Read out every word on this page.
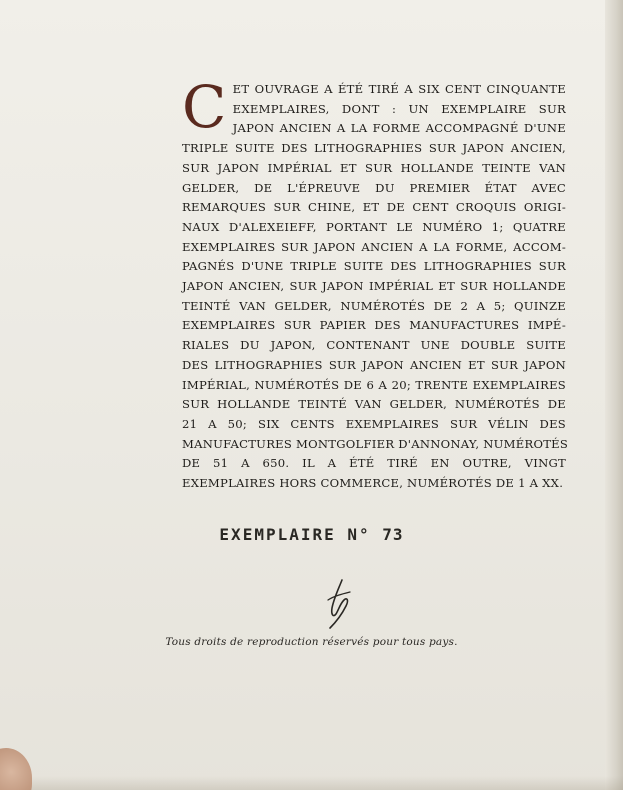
C ET OUVRAGE A ÉTÉ TIRÉ A SIX CENT CINQUANTE
EXEMPLAIRES, DONT : UN EXEMPLAIRE SUR
JAPON ANCIEN A LA FORME ACCOMPAGNÉ D'UNE
TRIPLE SUITE DES LITHOGRAPHIES SUR JAPON ANCIEN,
SUR JAPON IMPÉRIAL ET SUR HOLLANDE TEINTE VAN
GELDER, DE L'ÉPREUVE DU PREMIER ÉTAT AVEC
REMARQUES SUR CHINE, ET DE CENT CROQUIS ORIGI-
NAUX D'ALEXEIEFF, PORTANT LE NUMÉRO 1; QUATRE
EXEMPLAIRES SUR JAPON ANCIEN A LA FORME, ACCOM-
PAGNÉS D'UNE TRIPLE SUITE DES LITHOGRAPHIES SUR
JAPON ANCIEN, SUR JAPON IMPÉRIAL ET SUR HOLLANDE
TEINTÉ VAN GELDER, NUMÉROTÉS DE 2 A 5; QUINZE
EXEMPLAIRES SUR PAPIER DES MANUFACTURES IMPÉ-
RIALES DU JAPON, CONTENANT UNE DOUBLE SUITE
DES LITHOGRAPHIES SUR JAPON ANCIEN ET SUR JAPON
IMPÉRIAL, NUMÉROTÉS DE 6 A 20; TRENTE EXEMPLAIRES
SUR HOLLANDE TEINTÉ VAN GELDER, NUMÉROTÉS DE
21 A 50; SIX CENTS EXEMPLAIRES SUR VÉLIN DES
MANUFACTURES MONTGOLFIER D'ANNONAY, NUMÉROTÉS
DE 51 A 650. IL A ÉTÉ TIRÉ EN OUTRE, VINGT
EXEMPLAIRES HORS COMMERCE, NUMÉROTÉS DE 1 A XX.
EXEMPLAIRE N° 73
Tous droits de reproduction réservés pour tous pays.
